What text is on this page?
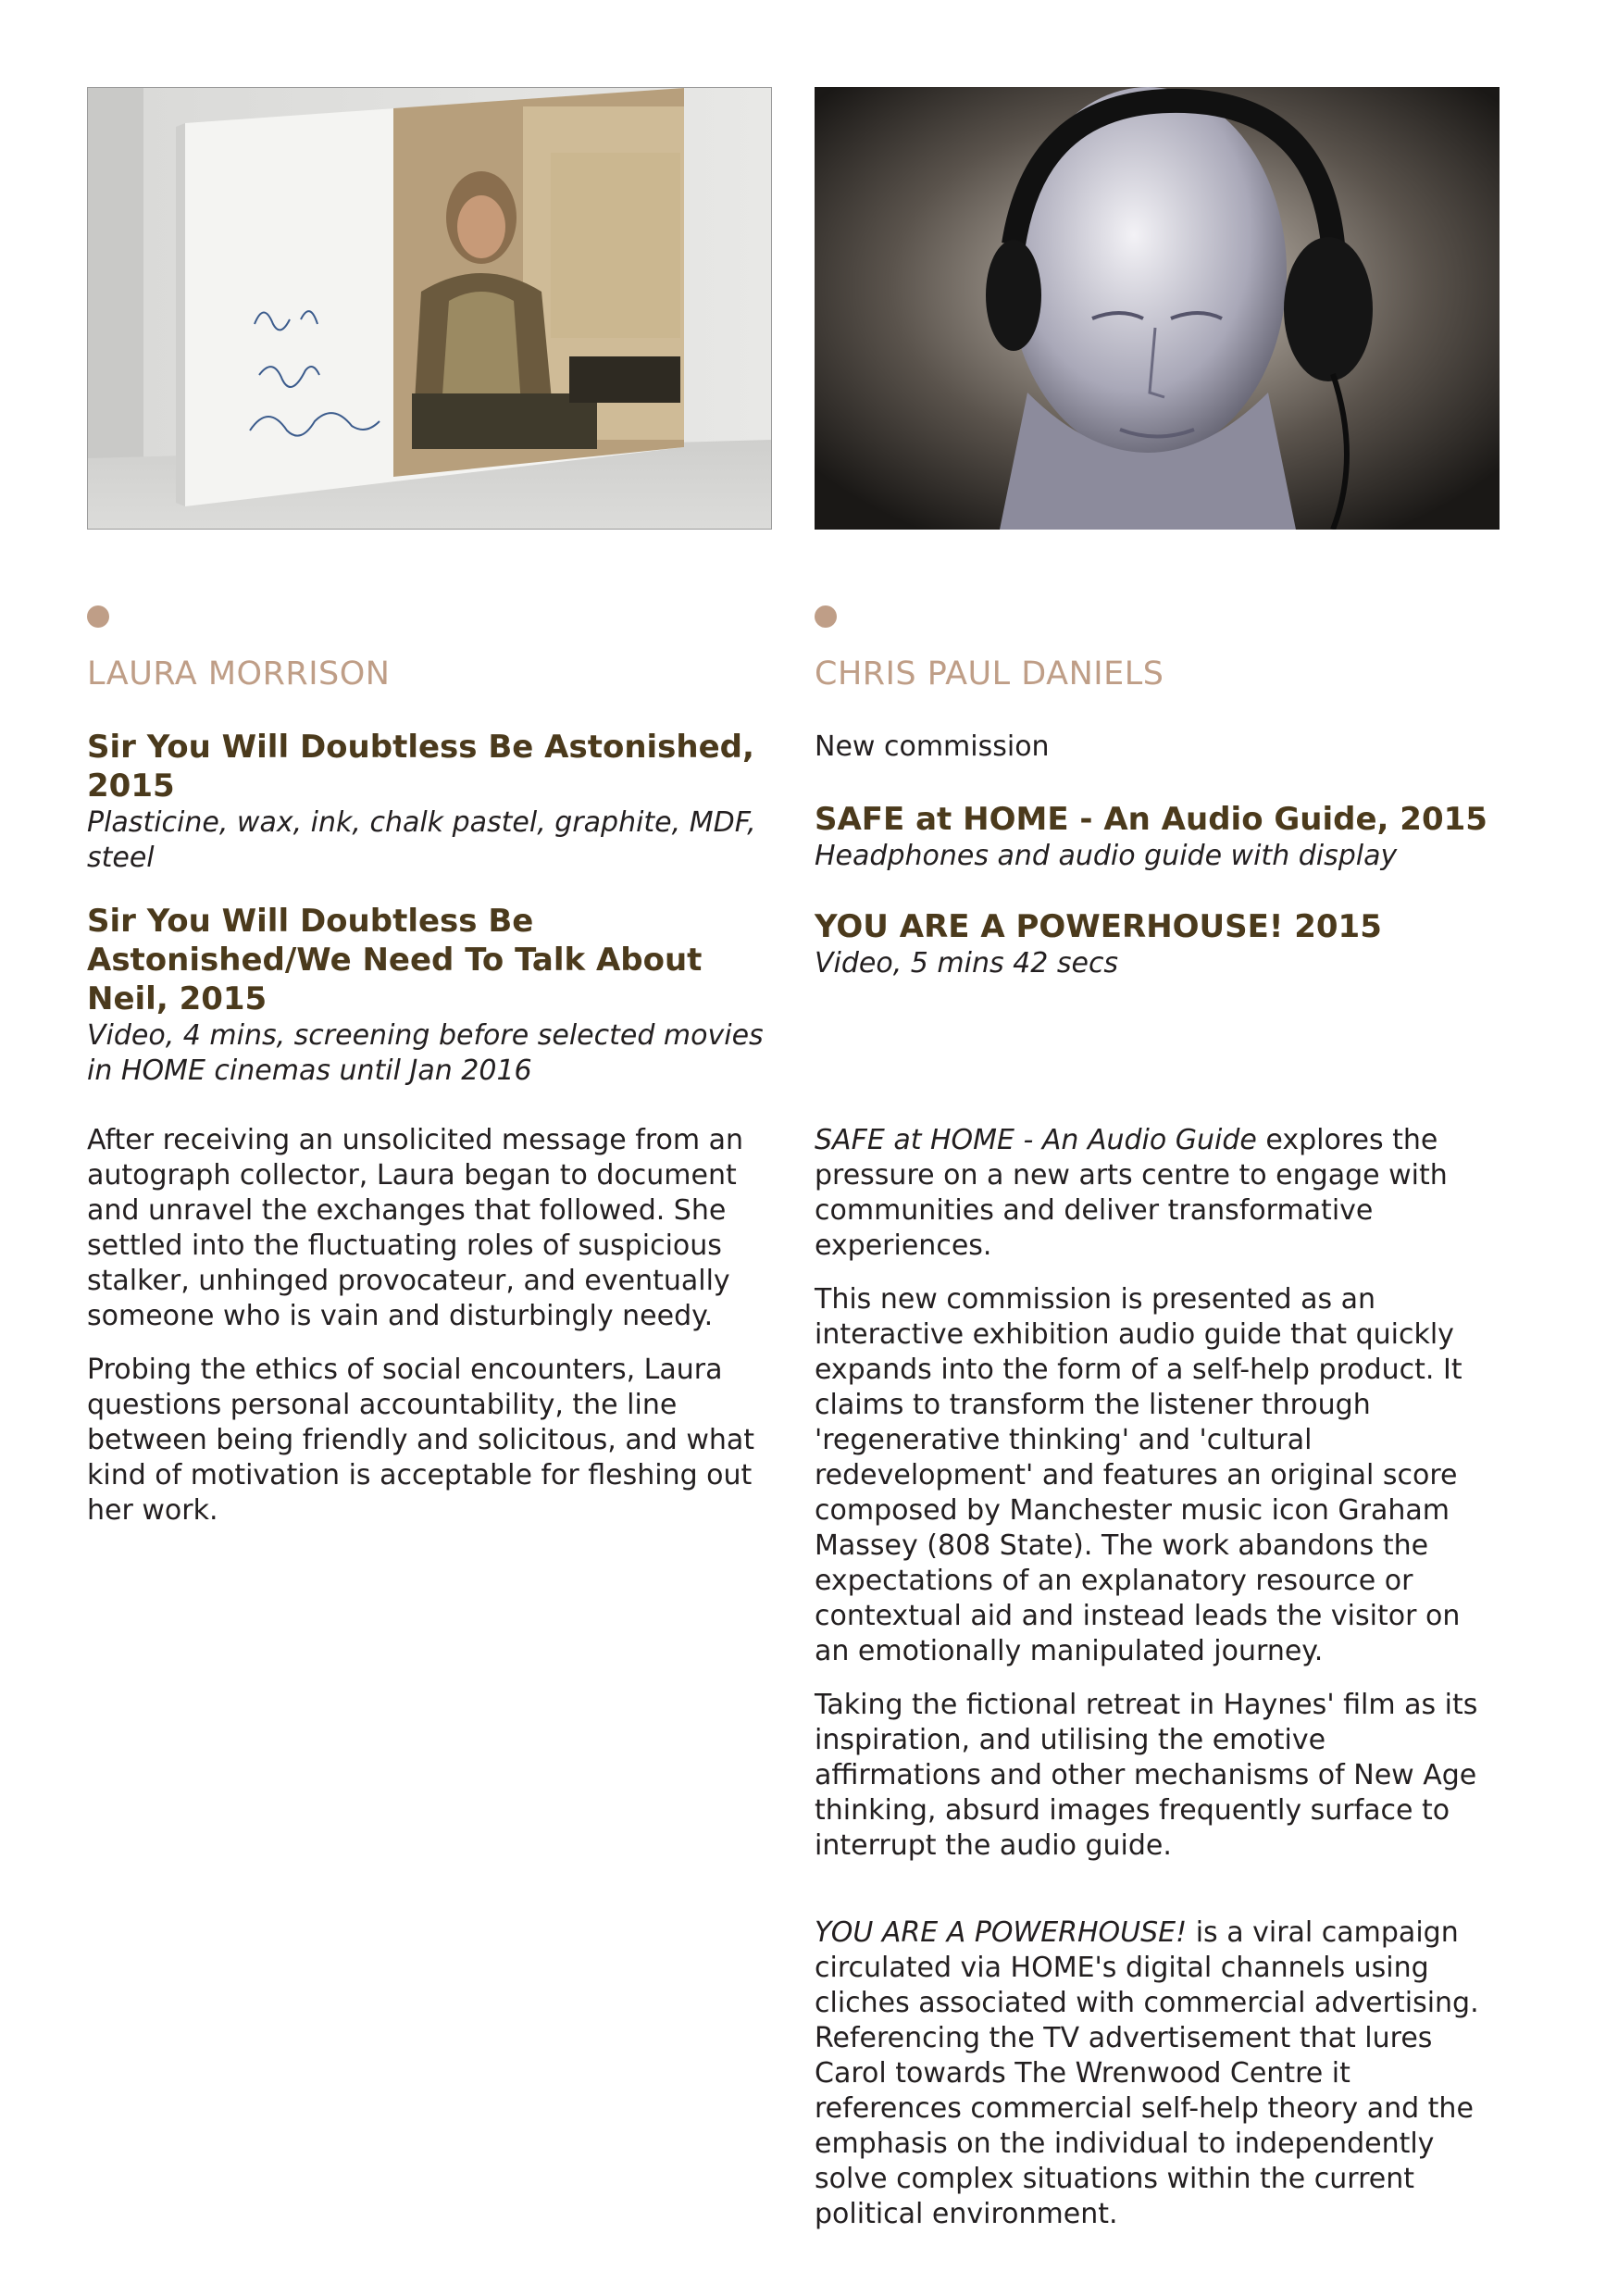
LAURA MORRISON	CHRIS PAUL DANIELS

Sir You Will Doubtless Be Astonished, 2015

Plasticine, wax, ink, chalk pastel, graphite, MDF, steel

Sir You Will Doubtless Be Astonished/We Need To Talk About Neil, 2015

Video, 4 mins, screening before selected movies in HOME cinemas until Jan 2016

New commission

SAFE at HOME - An Audio Guide, 2015

Headphones and audio guide with display

YOU ARE A POWERHOUSE! 2015

Video, 5 mins 42 secs

After receiving an unsolicited message from an autograph collector, Laura began to document and unravel the exchanges that followed. She settled into the fluctuating roles of suspicious stalker, unhinged provocateur, and eventually someone who is vain and disturbingly needy.

Probing the ethics of social encounters, Laura questions personal accountability, the line between being friendly and solicitous, and what kind of motivation is acceptable for fleshing out her work.

SAFE at HOME - An Audio Guide explores the pressure on a new arts centre to engage with communities and deliver transformative experiences.

This new commission is presented as an interactive exhibition audio guide that quickly expands into the form of a self-help product. It claims to transform the listener through 'regenerative thinking' and 'cultural redevelopment' and features an original score composed by Manchester music icon Graham Massey (808 State). The work abandons the expectations of an explanatory resource or contextual aid and instead leads the visitor on an emotionally manipulated journey.

Taking the fictional retreat in Haynes' film as its inspiration, and utilising the emotive affirmations and other mechanisms of New Age thinking, absurd images frequently surface to interrupt the audio guide.

YOU ARE A POWERHOUSE! is a viral campaign circulated via HOME's digital channels using cliches associated with commercial advertising. Referencing the TV advertisement that lures Carol towards The Wrenwood Centre it references commercial self-help theory and the emphasis on the individual to independently solve complex situations within the current political environment.
